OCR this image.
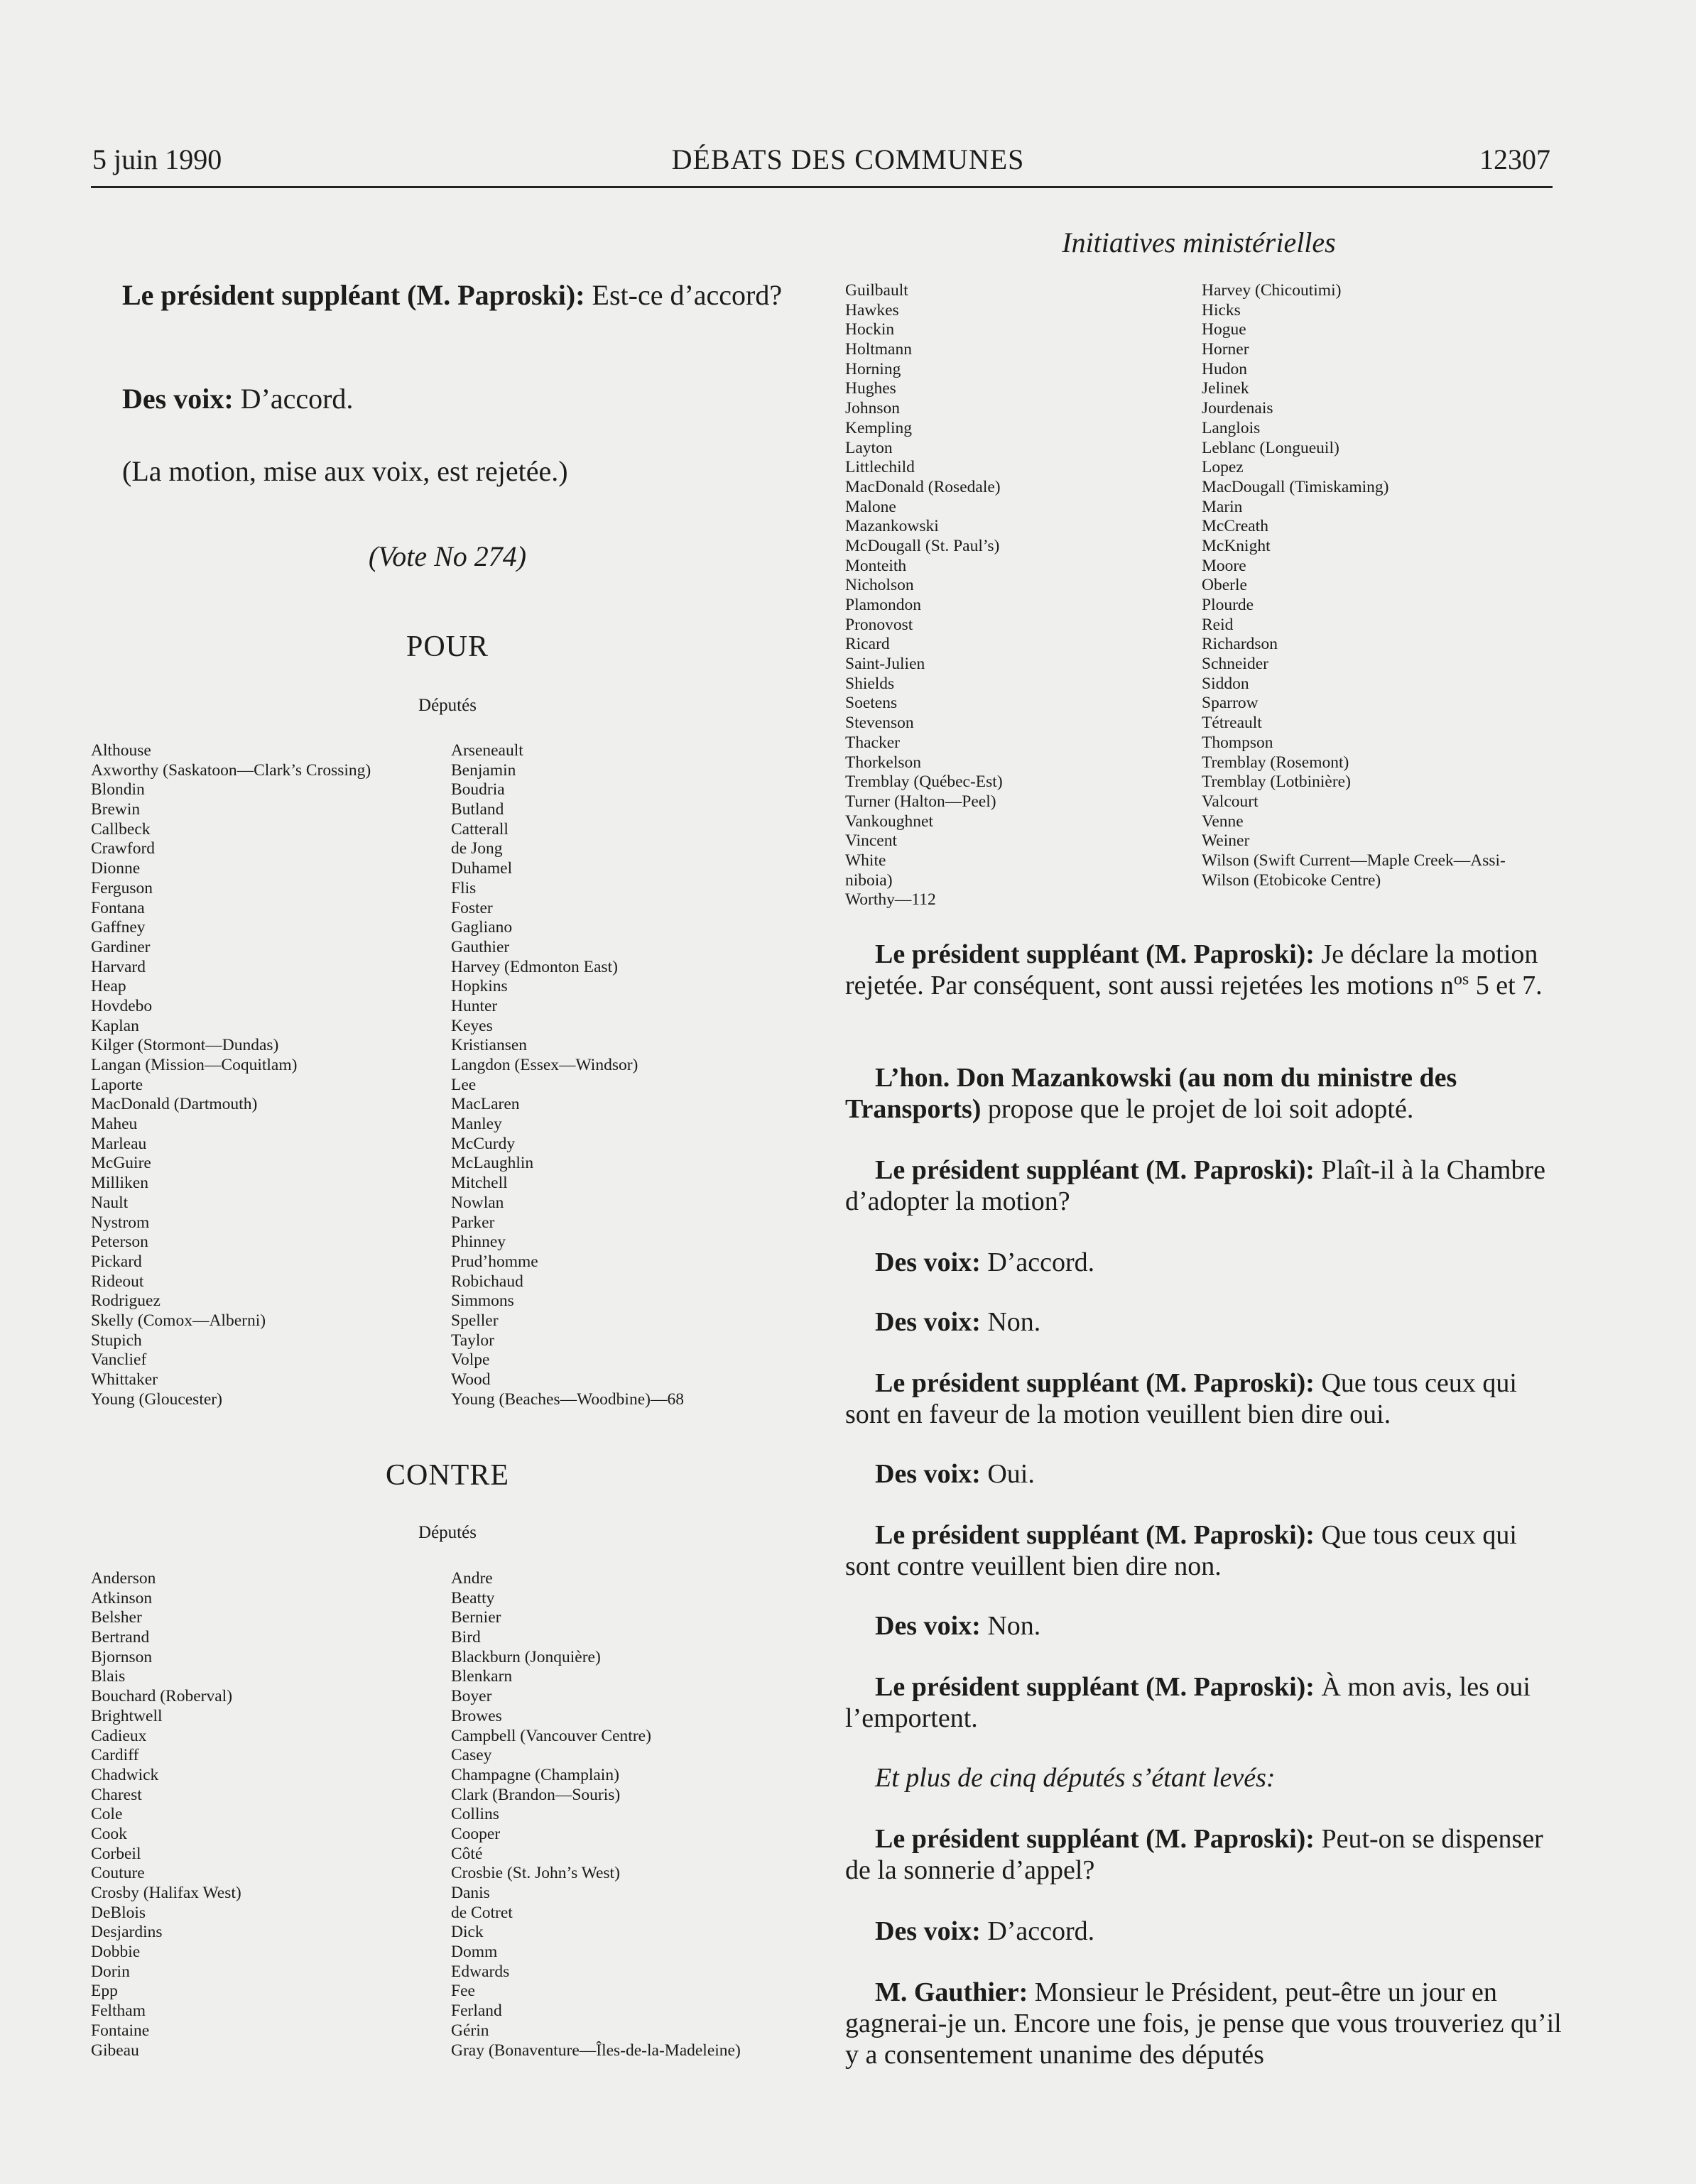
5 juin 1990	DÉBATS DES COMMUNES	12307
Initiatives ministérielles
Le président suppléant (M. Paproski): Est-ce d’accord?
Des voix: D’accord.
(La motion, mise aux voix, est rejetée.)
(Vote No 274)
POUR
Députés
Althouse
Axworthy (Saskatoon—Clark’s Crossing)
Blondin
Brewin
Callbeck
Crawford
Dionne
Ferguson
Fontana
Gaffney
Gardiner
Harvard
Heap
Hovdebo
Kaplan
Kilger (Stormont—Dundas)
Langan (Mission—Coquitlam)
Laporte
MacDonald (Dartmouth)
Maheu
Marleau
McGuire
Milliken
Nault
Nystrom
Peterson
Pickard
Rideout
Rodriguez
Skelly (Comox—Alberni)
Stupich
Vanclief
Whittaker
Young (Gloucester)
Arseneault
Benjamin
Boudria
Butland
Catterall
de Jong
Duhamel
Flis
Foster
Gagliano
Gauthier
Harvey (Edmonton East)
Hopkins
Hunter
Keyes
Kristiansen
Langdon (Essex—Windsor)
Lee
MacLaren
Manley
McCurdy
McLaughlin
Mitchell
Nowlan
Parker
Phinney
Prud’homme
Robichaud
Simmons
Speller
Taylor
Volpe
Wood
Young (Beaches—Woodbine)—68
CONTRE
Députés
Anderson
Atkinson
Belsher
Bertrand
Bjornson
Blais
Bouchard (Roberval)
Brightwell
Cadieux
Cardiff
Chadwick
Charest
Cole
Cook
Corbeil
Couture
Crosby (Halifax West)
DeBlois
Desjardins
Dobbie
Dorin
Epp
Feltham
Fontaine
Gibeau
Andre
Beatty
Bernier
Bird
Blackburn (Jonquière)
Blenkarn
Boyer
Browes
Campbell (Vancouver Centre)
Casey
Champagne (Champlain)
Clark (Brandon—Souris)
Collins
Cooper
Côté
Crosbie (St. John’s West)
Danis
de Cotret
Dick
Domm
Edwards
Fee
Ferland
Gérin
Gray (Bonaventure—Îles-de-la-Madeleine)
Guilbault
Hawkes
Hockin
Holtmann
Horning
Hughes
Johnson
Kempling
Layton
Littlechild
MacDonald (Rosedale)
Malone
Mazankowski
McDougall (St. Paul’s)
Monteith
Nicholson
Plamondon
Pronovost
Ricard
Saint-Julien
Shields
Soetens
Stevenson
Thacker
Thorkelson
Tremblay (Québec-Est)
Turner (Halton—Peel)
Vankoughnet
Vincent
White
niboia)
Worthy—112
Harvey (Chicoutimi)
Hicks
Hogue
Horner
Hudon
Jelinek
Jourdenais
Langlois
Leblanc (Longueuil)
Lopez
MacDougall (Timiskaming)
Marin
McCreath
McKnight
Moore
Oberle
Plourde
Reid
Richardson
Schneider
Siddon
Sparrow
Tétreault
Thompson
Tremblay (Rosemont)
Tremblay (Lotbinière)
Valcourt
Venne
Weiner
Wilson (Swift Current—Maple Creek—Assi-
Wilson (Etobicoke Centre)
Le président suppléant (M. Paproski): Je déclare la motion rejetée. Par conséquent, sont aussi rejetées les motions $n^{os}$ 5 et 7.
L’hon. Don Mazankowski (au nom du ministre des Transports) propose que le projet de loi soit adopté.
Le président suppléant (M. Paproski): Plaît-il à la Chambre d’adopter la motion?
Des voix: D’accord.
Des voix: Non.
Le président suppléant (M. Paproski): Que tous ceux qui sont en faveur de la motion veuillent bien dire oui.
Des voix: Oui.
Le président suppléant (M. Paproski): Que tous ceux qui sont contre veuillent bien dire non.
Des voix: Non.
Le président suppléant (M. Paproski): À mon avis, les oui l’emportent.
Et plus de cinq députés s’étant levés:
Le président suppléant (M. Paproski): Peut-on se dispenser de la sonnerie d’appel?
Des voix: D’accord.
M. Gauthier: Monsieur le Président, peut-être un jour en gagnerai-je un. Encore une fois, je pense que vous trouveriez qu’il y a consentement unanime des députés
